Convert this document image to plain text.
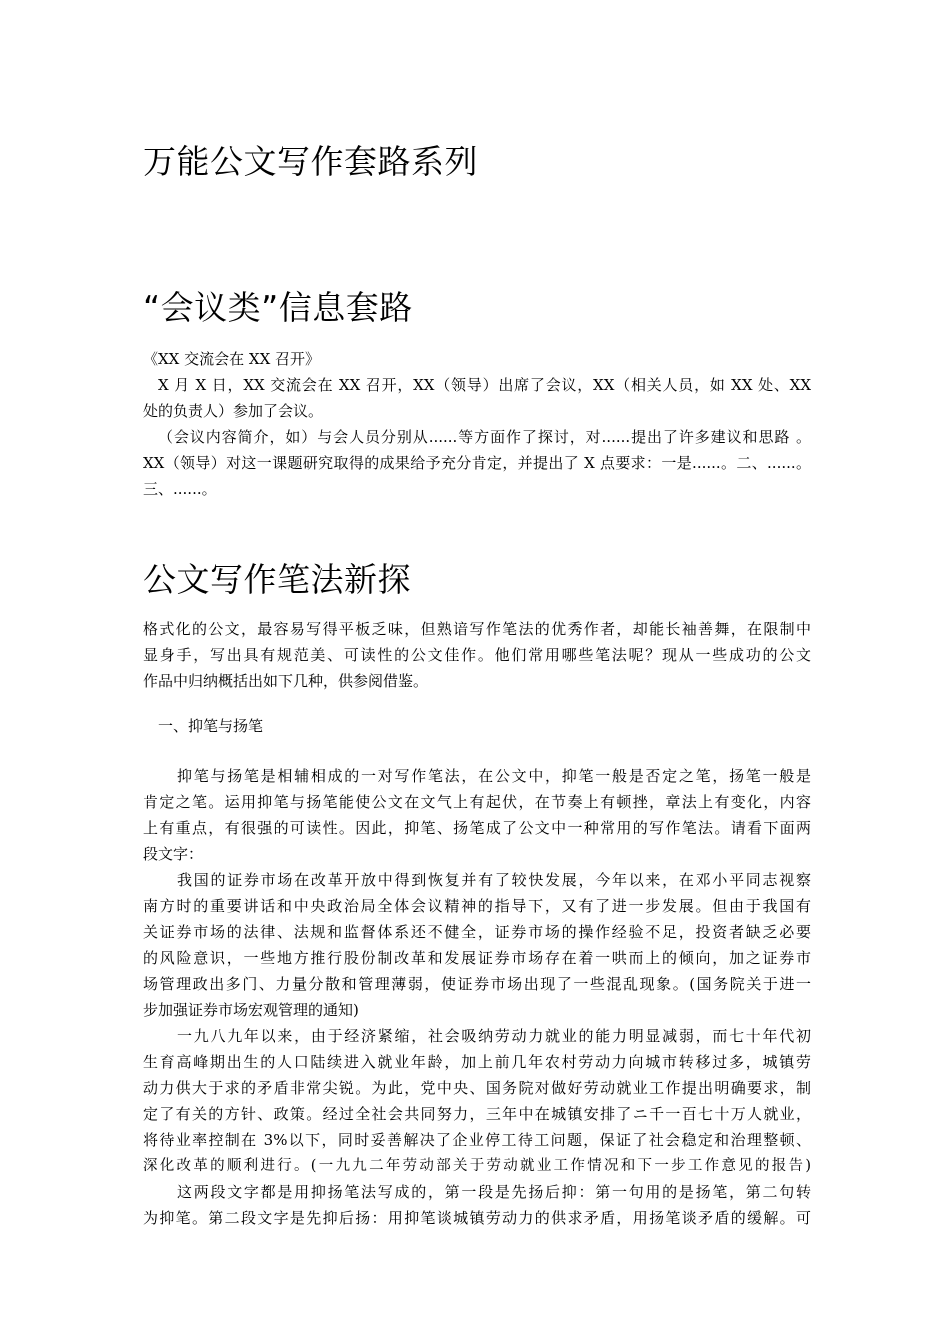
万能公文写作套路系列
“会议类”信息套路
《XX 交流会在 XX 召开》
X 月 X 日，XX 交流会在 XX 召开，XX（领导）出席了会议，XX（相关人员，如 XX 处、XX
处的负责人）参加了会议。
（会议内容简介，如）与会人员分别从......等方面作了探讨，对......提出了许多建议和思路 。
XX（领导）对这一课题研究取得的成果给予充分肯定，并提出了 X 点要求：一是......。二、......。
三、......。
公文写作笔法新探
格式化的公文，最容易写得平板乏味，但熟谙写作笔法的优秀作者，却能长袖善舞，在限制中
显身手，写出具有规范美、可读性的公文佳作。他们常用哪些笔法呢？现从一些成功的公文
作品中归纳概括出如下几种，供参阅借鉴。
一、抑笔与扬笔
抑笔与扬笔是相辅相成的一对写作笔法，在公文中，抑笔一般是否定之笔，扬笔一般是
肯定之笔。运用抑笔与扬笔能使公文在文气上有起伏，在节奏上有顿挫，章法上有变化，内容
上有重点，有很强的可读性。因此，抑笔、扬笔成了公文中一种常用的写作笔法。请看下面两
段文字：
我国的证券市场在改革开放中得到恢复并有了较快发展，今年以来，在邓小平同志视察
南方时的重要讲话和中央政治局全体会议精神的指导下，又有了进一步发展。但由于我国有
关证券市场的法律、法规和监督体系还不健全，证券市场的操作经验不足，投资者缺乏必要
的风险意识，一些地方推行股份制改革和发展证券市场存在着一哄而上的倾向，加之证券市
场管理政出多门、力量分散和管理薄弱，使证券市场出现了一些混乱现象。(国务院关于进一
步加强证券市场宏观管理的通知)
一九八九年以来，由于经济紧缩，社会吸纳劳动力就业的能力明显减弱，而七十年代初
生育高峰期出生的人口陆续进入就业年龄，加上前几年农村劳动力向城市转移过多，城镇劳
动力供大于求的矛盾非常尖锐。为此，党中央、国务院对做好劳动就业工作提出明确要求，制
定了有关的方针、政策。经过全社会共同努力，三年中在城镇安排了ニ千一百七十万人就业，
将待业率控制在 3%以下，同时妥善解决了企业停工待工问题，保证了社会稳定和治理整顿、
深化改革的顺利进行。(一九九二年劳动部关于劳动就业工作情况和下一步工作意见的报告)
这两段文字都是用抑扬笔法写成的，第一段是先扬后抑：第一句用的是扬笔，第二句转
为抑笔。第二段文字是先抑后扬：用抑笔谈城镇劳动力的供求矛盾，用扬笔谈矛盾的缓解。可
